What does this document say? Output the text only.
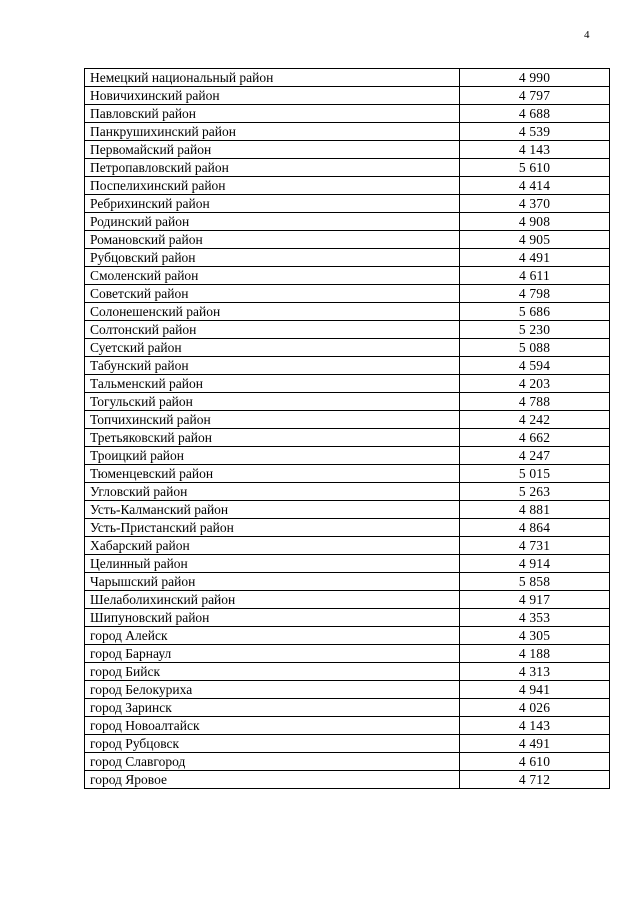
4
Немецкий национальный район	4 990
Новичихинский район	4 797
Павловский район	4 688
Панкрушихинский район	4 539
Первомайский район	4 143
Петропавловский район	5 610
Поспелихинский район	4 414
Ребрихинский район	4 370
Родинский район	4 908
Романовский район	4 905
Рубцовский район	4 491
Смоленский район	4 611
Советский район	4 798
Солонешенский район	5 686
Солтонский район	5 230
Суетский район	5 088
Табунский район	4 594
Тальменский район	4 203
Тогульский район	4 788
Топчихинский район	4 242
Третьяковский район	4 662
Троицкий район	4 247
Тюменцевский район	5 015
Угловский район	5 263
Усть-Калманский район	4 881
Усть-Пристанский район	4 864
Хабарский район	4 731
Целинный район	4 914
Чарышский район	5 858
Шелаболихинский район	4 917
Шипуновский район	4 353
город Алейск	4 305
город Барнаул	4 188
город Бийск	4 313
город Белокуриха	4 941
город Заринск	4 026
город Новоалтайск	4 143
город Рубцовск	4 491
город Славгород	4 610
город Яровое	4 712
